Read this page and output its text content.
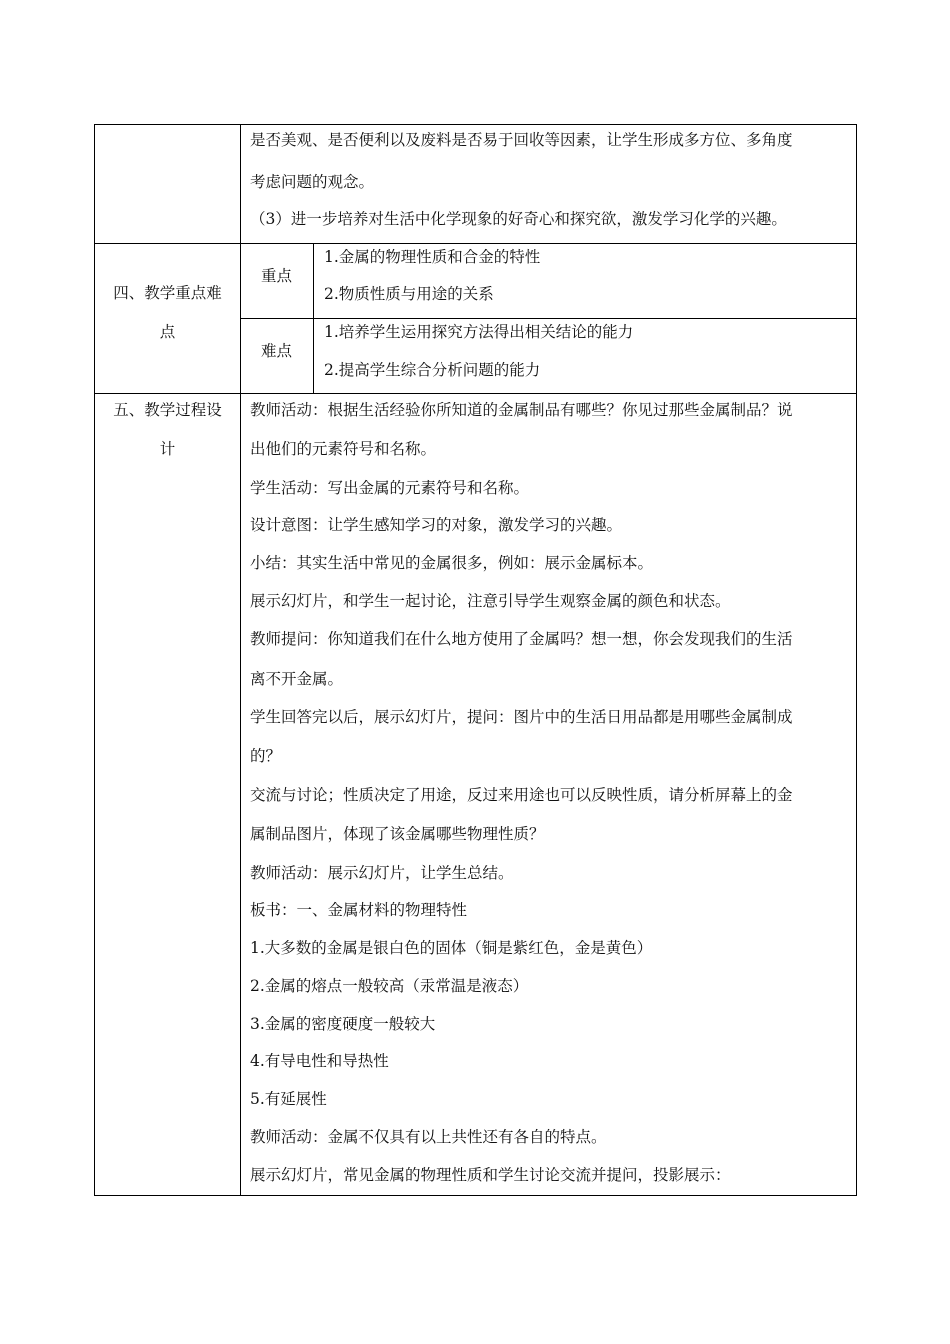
是否美观、是否便利以及废料是否易于回收等因素，让学生形成多方位、多角度
考虑问题的观念。
（3）进一步培养对生活中化学现象的好奇心和探究欲，激发学习化学的兴趣。
四、教学重点难
点
重点
1.金属的物理性质和合金的特性
2.物质性质与用途的关系
难点
1.培养学生运用探究方法得出相关结论的能力
2.提高学生综合分析问题的能力
五、教学过程设
计
教师活动：根据生活经验你所知道的金属制品有哪些？你见过那些金属制品？说
出他们的元素符号和名称。
学生活动：写出金属的元素符号和名称。
设计意图：让学生感知学习的对象，激发学习的兴趣。
小结：其实生活中常见的金属很多，例如：展示金属标本。
展示幻灯片，和学生一起讨论，注意引导学生观察金属的颜色和状态。
教师提问：你知道我们在什么地方使用了金属吗？想一想，你会发现我们的生活
离不开金属。
学生回答完以后，展示幻灯片，提问：图片中的生活日用品都是用哪些金属制成
的？
交流与讨论；性质决定了用途，反过来用途也可以反映性质，请分析屏幕上的金
属制品图片，体现了该金属哪些物理性质？
教师活动：展示幻灯片，让学生总结。
板书：一、金属材料的物理特性
1.大多数的金属是银白色的固体（铜是紫红色，金是黄色）
2.金属的熔点一般较高（汞常温是液态）
3.金属的密度硬度一般较大
4.有导电性和导热性
5.有延展性
教师活动：金属不仅具有以上共性还有各自的特点。
展示幻灯片，常见金属的物理性质和学生讨论交流并提问，投影展示：
